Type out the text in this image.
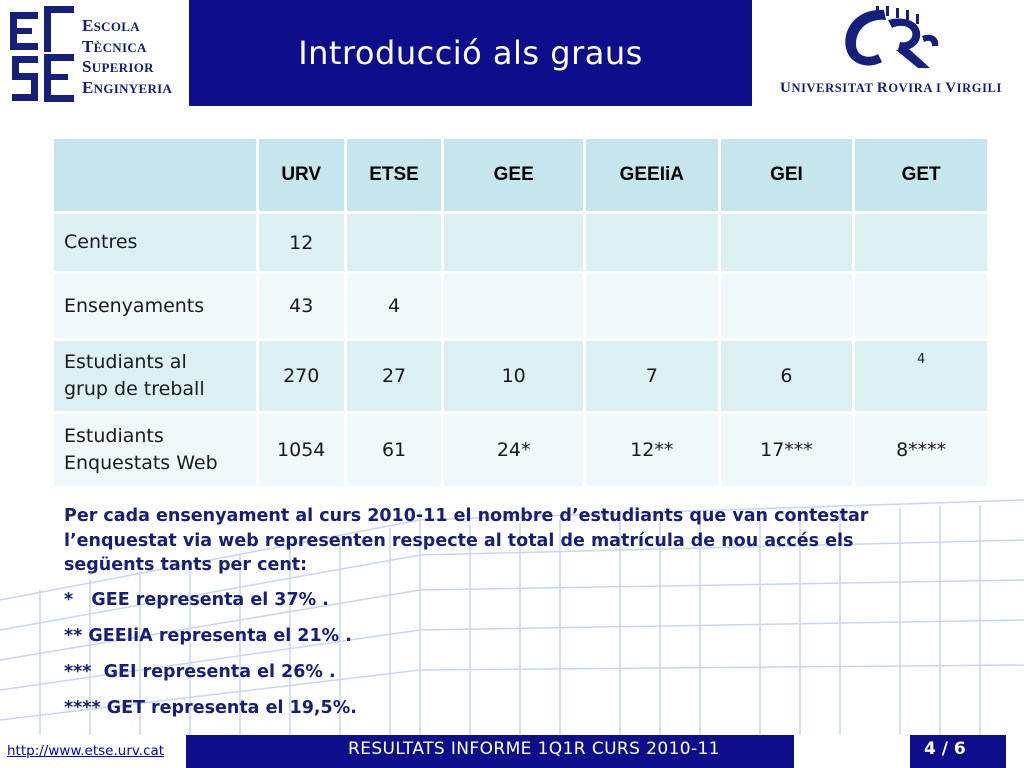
ESCOLA
TÈCNICA
SUPERIOR
ENGINYERIA
Introducció als graus
UNIVERSITAT ROVIRA I VIRGILI
	URV	ETSE	GEE	GEEIiA	GEI	GET
Centres	12					
Ensenyaments	43	4				
Estudiants al
grup de treball	270	27	10	7	6	$^4$
Estudiants
Enquestats Web	1054	61	24*	12**	17***	8****
Per cada ensenyament al curs 2010-11 el nombre d’estudiants que van contestar
l’enquestat via web representen respecte al total de matrícula de nou accés els
següents tants per cent:
*   GEE representa el 37% .
** GEEIiA representa el 21% .
***  GEI representa el 26% .
**** GET representa el 19,5%.
http://www.etse.urv.cat	RESULTATS INFORME 1Q1R CURS 2010-11	4 / 6
